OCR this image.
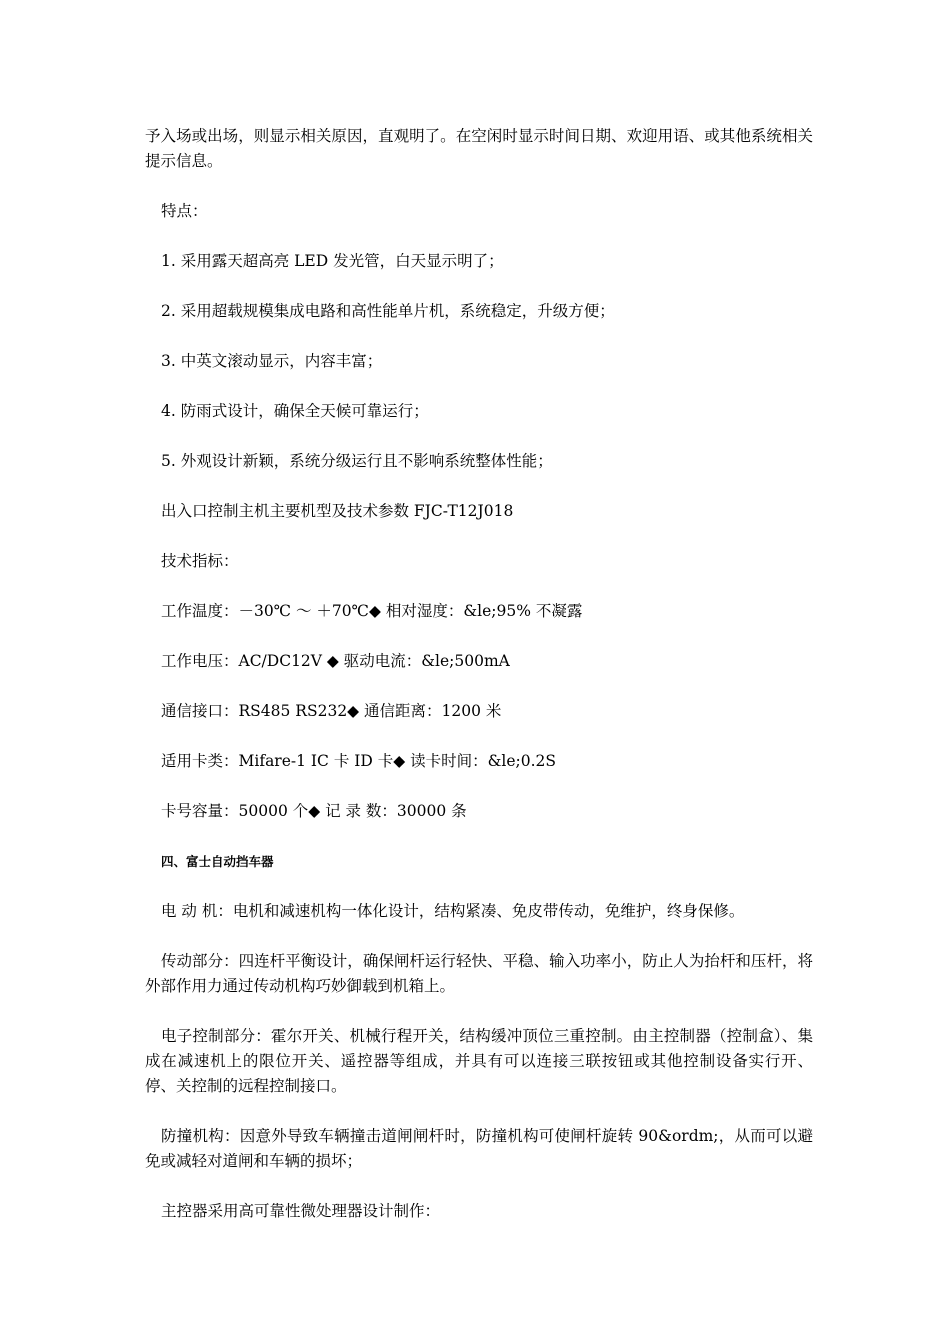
予入场或出场，则显示相关原因，直观明了。在空闲时显示时间日期、欢迎用语、或其他系统相关提示信息。

特点：

1. 采用露天超高亮 LED 发光管，白天显示明了；

2. 采用超载规模集成电路和高性能单片机，系统稳定，升级方便；

3. 中英文滚动显示，内容丰富；

4. 防雨式设计，确保全天候可靠运行；

5. 外观设计新颖，系统分级运行且不影响系统整体性能；

出入口控制主机主要机型及技术参数 FJC-T12J018

技术指标：

工作温度：－30℃ ～ ＋70℃◆ 相对湿度：&le;95% 不凝露

工作电压：AC/DC12V ◆ 驱动电流：&le;500mA

通信接口：RS485 RS232◆ 通信距离：1200 米

适用卡类：Mifare-1 IC 卡 ID 卡◆ 读卡时间：&le;0.2S

卡号容量：50000 个◆ 记 录 数：30000 条

四、富士自动挡车器

电 动 机：电机和减速机构一体化设计，结构紧凑、免皮带传动，免维护，终身保修。

传动部分：四连杆平衡设计，确保闸杆运行轻快、平稳、输入功率小，防止人为抬杆和压杆，将外部作用力通过传动机构巧妙御载到机箱上。

电子控制部分：霍尔开关、机械行程开关，结构缓冲顶位三重控制。由主控制器（控制盒）、集成在减速机上的限位开关、遥控器等组成，并具有可以连接三联按钮或其他控制设备实行开、 停、关控制的远程控制接口。

防撞机构：因意外导致车辆撞击道闸闸杆时，防撞机构可使闸杆旋转 90&ordm;，从而可以避免或减轻对道闸和车辆的损坏；

主控器采用高可靠性微处理器设计制作：
